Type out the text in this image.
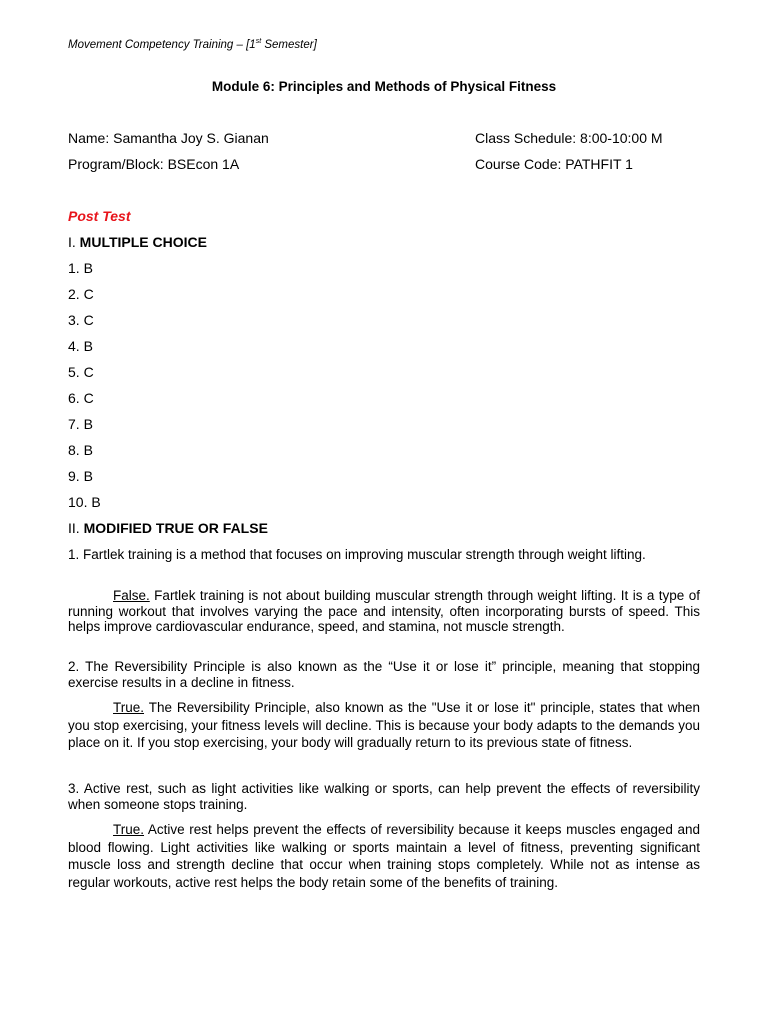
Movement Competency Training – [1st Semester]
Module 6: Principles and Methods of Physical Fitness
Name: Samantha Joy S. Gianan	Class Schedule: 8:00-10:00 M
Program/Block: BSEcon 1A	Course Code: PATHFIT 1
Post Test
I. MULTIPLE CHOICE
1. B
2. C
3. C
4. B
5. C
6. C
7. B
8. B
9. B
10. B
II. MODIFIED TRUE OR FALSE
1. Fartlek training is a method that focuses on improving muscular strength through weight lifting.
False. Fartlek training is not about building muscular strength through weight lifting. It is a type of running workout that involves varying the pace and intensity, often incorporating bursts of speed. This helps improve cardiovascular endurance, speed, and stamina, not muscle strength.
2. The Reversibility Principle is also known as the “Use it or lose it” principle, meaning that stopping exercise results in a decline in fitness.
True. The Reversibility Principle, also known as the "Use it or lose it" principle, states that when you stop exercising, your fitness levels will decline. This is because your body adapts to the demands you place on it. If you stop exercising, your body will gradually return to its previous state of fitness.
3. Active rest, such as light activities like walking or sports, can help prevent the effects of reversibility when someone stops training.
True. Active rest helps prevent the effects of reversibility because it keeps muscles engaged and blood flowing. Light activities like walking or sports maintain a level of fitness, preventing significant muscle loss and strength decline that occur when training stops completely. While not as intense as regular workouts, active rest helps the body retain some of the benefits of training.
